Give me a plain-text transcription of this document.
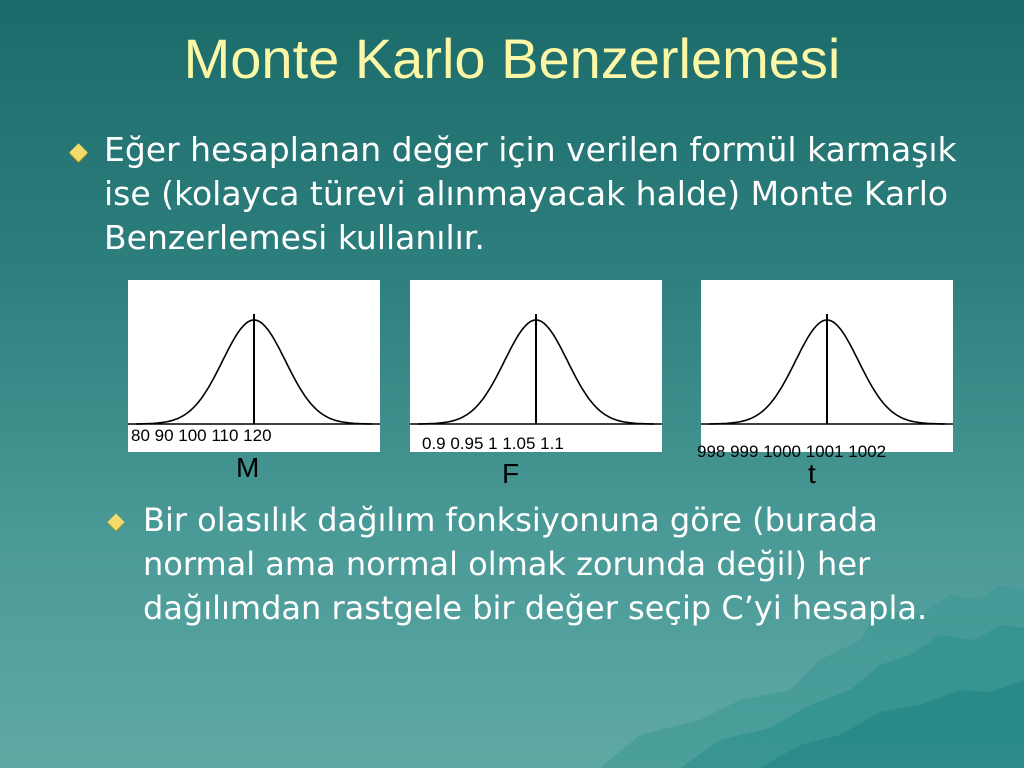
Monte Karlo Benzerlemesi
Eğer hesaplanan değer için verilen formül karmaşık ise (kolayca türevi alınmayacak halde) Monte Karlo Benzerlemesi kullanılır.
80 90 100 110 120
M
0.9 0.95 1 1.05 1.1
F
998 999 1000 1001 1002
t
Bir olasılık dağılım fonksiyonuna göre (burada normal ama normal olmak zorunda değil) her dağılımdan rastgele bir değer seçip C’yi hesapla.
